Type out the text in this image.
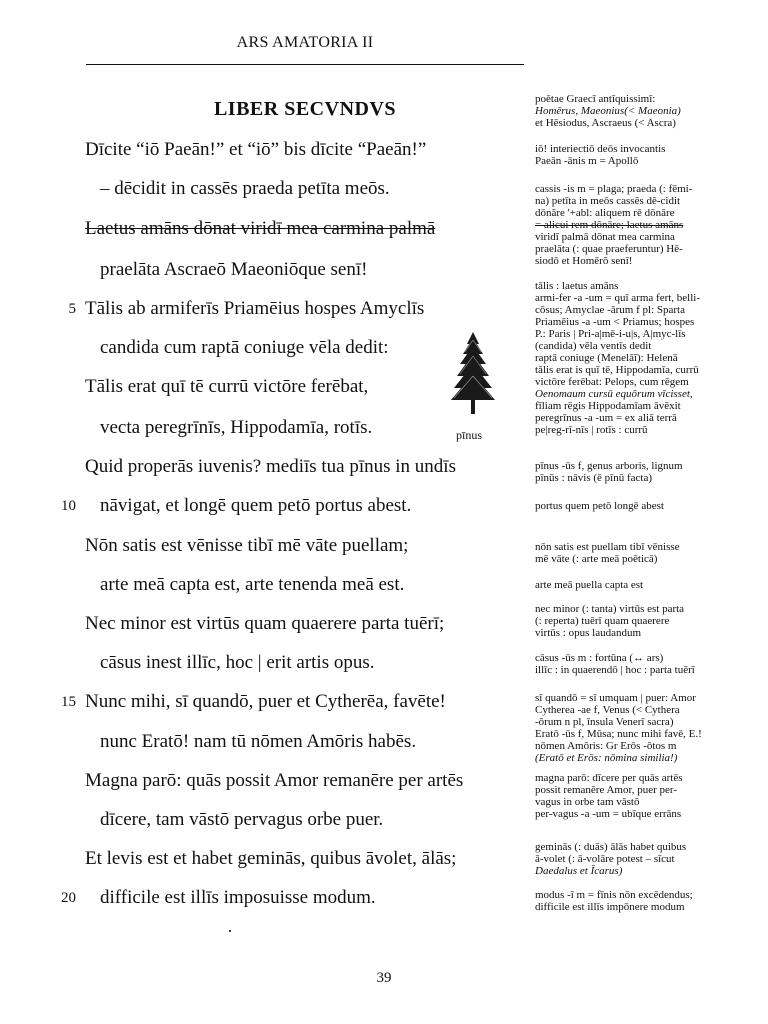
ARS AMATORIA II
LIBER SECVNDVS
Dīcite “iō Paeān!” et “iō” bis dīcite “Paeān!”
– dēcidit in cassēs praeda petīta meōs.
Laetus amāns dōnat viridī mea carmina palmā
praelāta Ascraeō Maeoniōque senī!
5 Tālis ab armiferīs Priamēius hospes Amyclīs
candida cum raptā coniuge vēla dedit:
Tālis erat quī tē currū victōre ferēbat,
vecta peregrīnīs, Hippodamīa, rotīs.
Quid properās iuvenis? mediīs tua pīnus in undīs
10 nāvigat, et longē quem petō portus abest.
Nōn satis est vēnisse tibī mē vāte puellam;
arte meā capta est, arte tenenda meā est.
Nec minor est virtūs quam quaerere parta tuērī;
cāsus inest illīc, hoc | erit artis opus.
15 Nunc mihi, sī quandō, puer et Cytherēa, favēte!
nunc Eratō! nam tū nōmen Amōris habēs.
Magna parō: quās possit Amor remanēre per artēs
dīcere, tam vāstō pervagus orbe puer.
Et levis est et habet geminās, quibus āvolet, ālās;
20 difficile est illīs imposuisse modum.
pīnus
poētae Graecī antīquissimī:
Homērus, Maeonius(< Maeonia)
et Hēsiodus, Ascraeus (< Ascra)
iō! interiectiō deōs invocantis
Paeān -ānis m = Apollō
cassis -is m = plaga; praeda (: fēmi-
na) petīta in meōs cassēs dē-cidit
dōnāre '+abl: aliquem rē dōnāre
= alicui rem dōnāre; laetus amāns
viridī palmā dōnat mea carmina
praelāta (: quae praeferuntur) Hē-
siodō et Homērō senī!
tālis : laetus amāns
armi-fer -a -um = quī arma fert, belli-
cōsus; Amyclae -ārum f pl: Sparta
Priamēius -a -um < Priamus; hospes
P.: Paris | Pri-a|mē-i-u|s, A|myc-līs
(candida) vēla ventīs dedit
raptā coniuge (Menelāī): Helenā
tālis erat is quī tē, Hippodamīa, currū
victōre ferēbat: Pelops, cum rēgem
Oenomaum cursū equōrum vīcisset,
fīliam rēgis Hippodamīam āvēxit
peregrīnus -a -um = ex aliā terrā
pe|reg-rī-nīs | rotīs : currū
pīnus -ūs f, genus arboris, lignum
pīnūs : nāvis (ē pīnū facta)
portus quem petō longē abest
nōn satis est puellam tibī vēnisse
mē vāte (: arte meā poēticā)
arte meā puella capta est
nec minor (: tanta) virtūs est parta
(: reperta) tuērī quam quaerere
virtūs : opus laudandum
cāsus -ūs m : fortūna (↔ ars)
illīc : in quaerendō | hoc : parta tuērī
sī quandō = sī umquam | puer: Amor
Cytherea -ae f, Venus (< Cythera
-ōrum n pl, īnsula Venerī sacra)
Eratō -ūs f, Mūsa; nunc mihi favē, E.!
nōmen Amōris: Gr Erōs -ōtos m
(Eratō et Erōs: nōmina similia!)
magna parō: dīcere per quās artēs
possit remanēre Amor, puer per-
vagus in orbe tam vāstō
per-vagus -a -um = ubīque errāns
geminās (: duās) ālās habet quibus
ā-volet (: ā-volāre potest – sīcut
Daedalus et Īcarus)
modus -ī m = fīnis nōn excēdendus;
difficile est illīs impōnere modum
39
